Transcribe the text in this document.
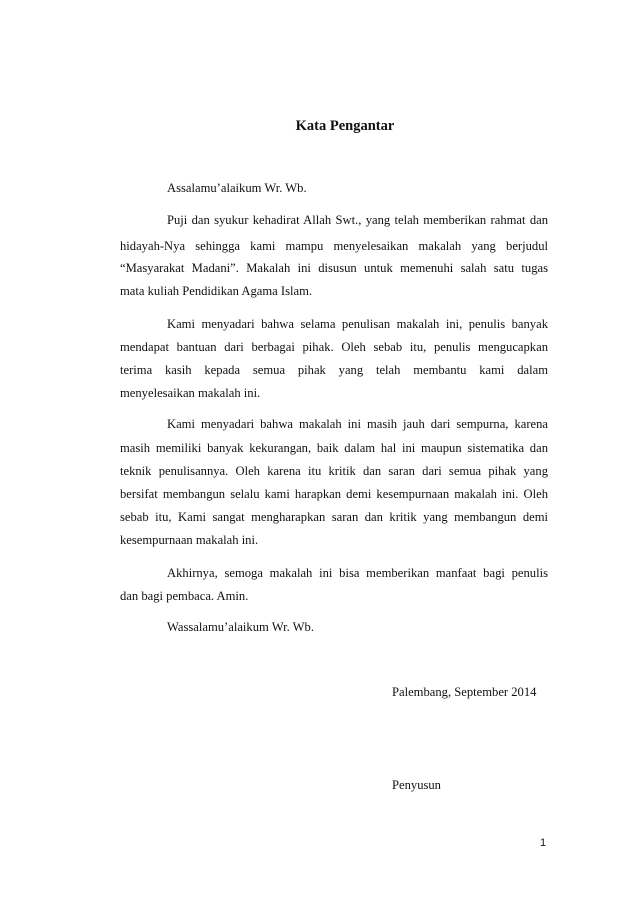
Kata Pengantar
Assalamu’alaikum Wr. Wb.
Puji dan syukur kehadirat Allah Swt., yang telah memberikan rahmat dan
hidayah-Nya sehingga kami mampu menyelesaikan makalah yang berjudul
“Masyarakat Madani”. Makalah ini disusun untuk memenuhi salah satu tugas
mata kuliah Pendidikan Agama Islam.
Kami menyadari bahwa selama penulisan makalah ini, penulis banyak
mendapat bantuan dari berbagai pihak. Oleh sebab itu, penulis mengucapkan
terima kasih kepada semua pihak yang telah membantu kami dalam
menyelesaikan makalah ini.
Kami menyadari bahwa makalah ini masih jauh dari sempurna, karena
masih memiliki banyak kekurangan, baik dalam hal ini maupun sistematika dan
teknik penulisannya. Oleh karena itu kritik dan saran dari semua pihak yang
bersifat membangun selalu kami harapkan demi kesempurnaan makalah ini. Oleh
sebab itu, Kami sangat mengharapkan saran dan kritik yang membangun demi
kesempurnaan makalah ini.
Akhirnya, semoga makalah ini bisa memberikan manfaat bagi penulis
dan bagi pembaca. Amin.
Wassalamu’alaikum Wr. Wb.
Palembang, September 2014
Penyusun
1
